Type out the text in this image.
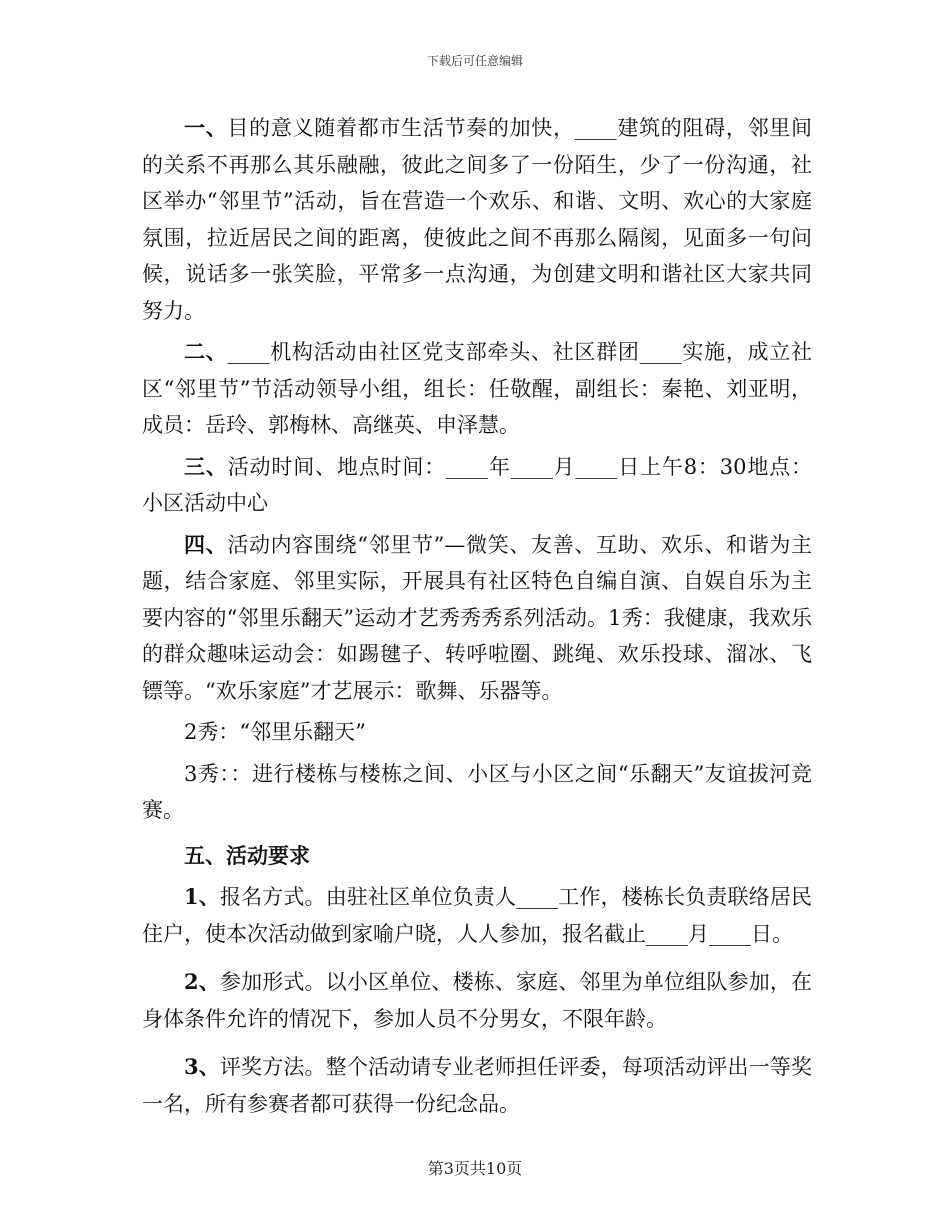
下载后可任意编辑

一、目的意义随着都市生活节奏的加快，____建筑的阻碍，邻里间的关系不再那么其乐融融，彼此之间多了一份陌生，少了一份沟通，社区举办“邻里节”活动，旨在营造一个欢乐、和谐、文明、欢心的大家庭氛围，拉近居民之间的距离，使彼此之间不再那么隔阂，见面多一句问候，说话多一张笑脸，平常多一点沟通，为创建文明和谐社区大家共同努力。

二、____机构活动由社区党支部牵头、社区群团____实施，成立社区“邻里节”节活动领导小组，组长：任敬醒，副组长：秦艳、刘亚明，成员：岳玲、郭梅林、高继英、申泽慧。

三、活动时间、地点时间：____年____月____日上午8：30地点：小区活动中心

四、活动内容围绕“邻里节”—微笑、友善、互助、欢乐、和谐为主题，结合家庭、邻里实际，开展具有社区特色自编自演、自娱自乐为主要内容的“邻里乐翻天”运动才艺秀秀秀系列活动。1秀：我健康，我欢乐的群众趣味运动会：如踢毽子、转呼啦圈、跳绳、欢乐投球、溜冰、飞镖等。“欢乐家庭”才艺展示：歌舞、乐器等。

2秀：“邻里乐翻天”

3秀：：进行楼栋与楼栋之间、小区与小区之间“乐翻天”友谊拔河竞赛。

五、活动要求

1、报名方式。由驻社区单位负责人____工作，楼栋长负责联络居民住户，使本次活动做到家喻户晓，人人参加，报名截止____月____日。

2、参加形式。以小区单位、楼栋、家庭、邻里为单位组队参加，在身体条件允许的情况下，参加人员不分男女，不限年龄。

3、评奖方法。整个活动请专业老师担任评委，每项活动评出一等奖一名，所有参赛者都可获得一份纪念品。

第3页共10页
